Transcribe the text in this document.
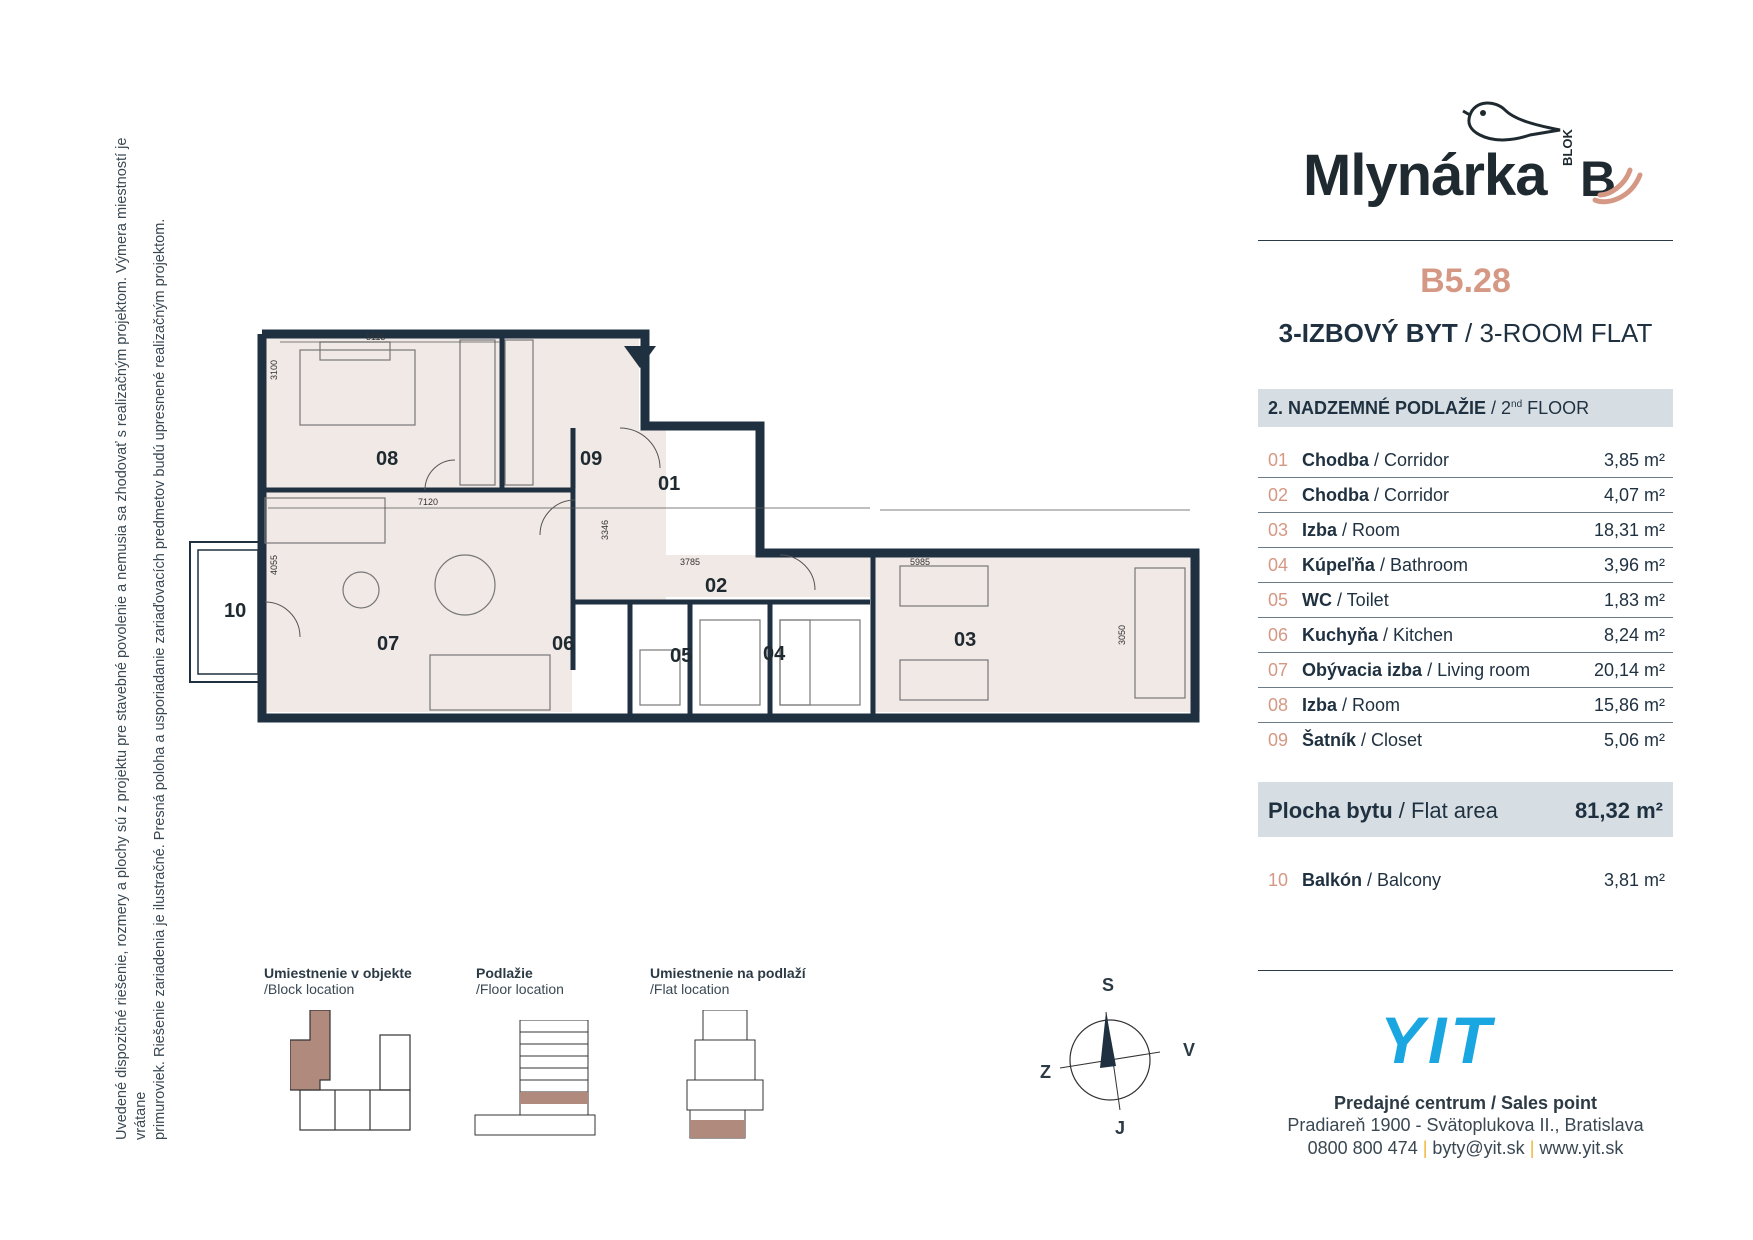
Uvedené dispozičné riešenie, rozmery a plochy sú z projektu pre stavebné povolenie a nemusia sa zhodovať s realizačným projektom. Výmera miestností je vrátane primuroviek. Riešenie zariadenia je ilustračné. Presná poloha a usporiadanie zariaďovacích predmetov budú upresnené realizačným projektom.	5115
3100
7120
4055
3346
3785	5985
3050
08	09
01
02
03
04
05
06
07
10
Mlynárka BLOK
B
B5.28
3-IZBOVÝ BYT / 3-ROOM FLAT
2. NADZEMNÉ PODLAŽIE / 2nd FLOOR
01 Chodba / Corridor	3,85 m²
02 Chodba / Corridor	4,07 m²
03 Izba / Room	18,31 m²
04 Kúpeľňa / Bathroom	3,96 m²
05 WC / Toilet	1,83 m²
06 Kuchyňa / Kitchen	8,24 m²
07 Obývacia izba / Living room	20,14 m²
08 Izba / Room	15,86 m²
09 Šatník / Closet	5,06 m²
Plocha bytu / Flat area	81,32 m²
10 Balkón / Balcony	3,81 m²
YIT
Predajné centrum / Sales point
Pradiareň 1900 - Svätoplukova II., Bratislava
0800 800 474 | byty@yit.sk | www.yit.sk
Umiestnenie v objekte
/Block location
Podlažie
/Floor location
Umiestnenie na podlaží
/Flat location	S
J
V
Z
